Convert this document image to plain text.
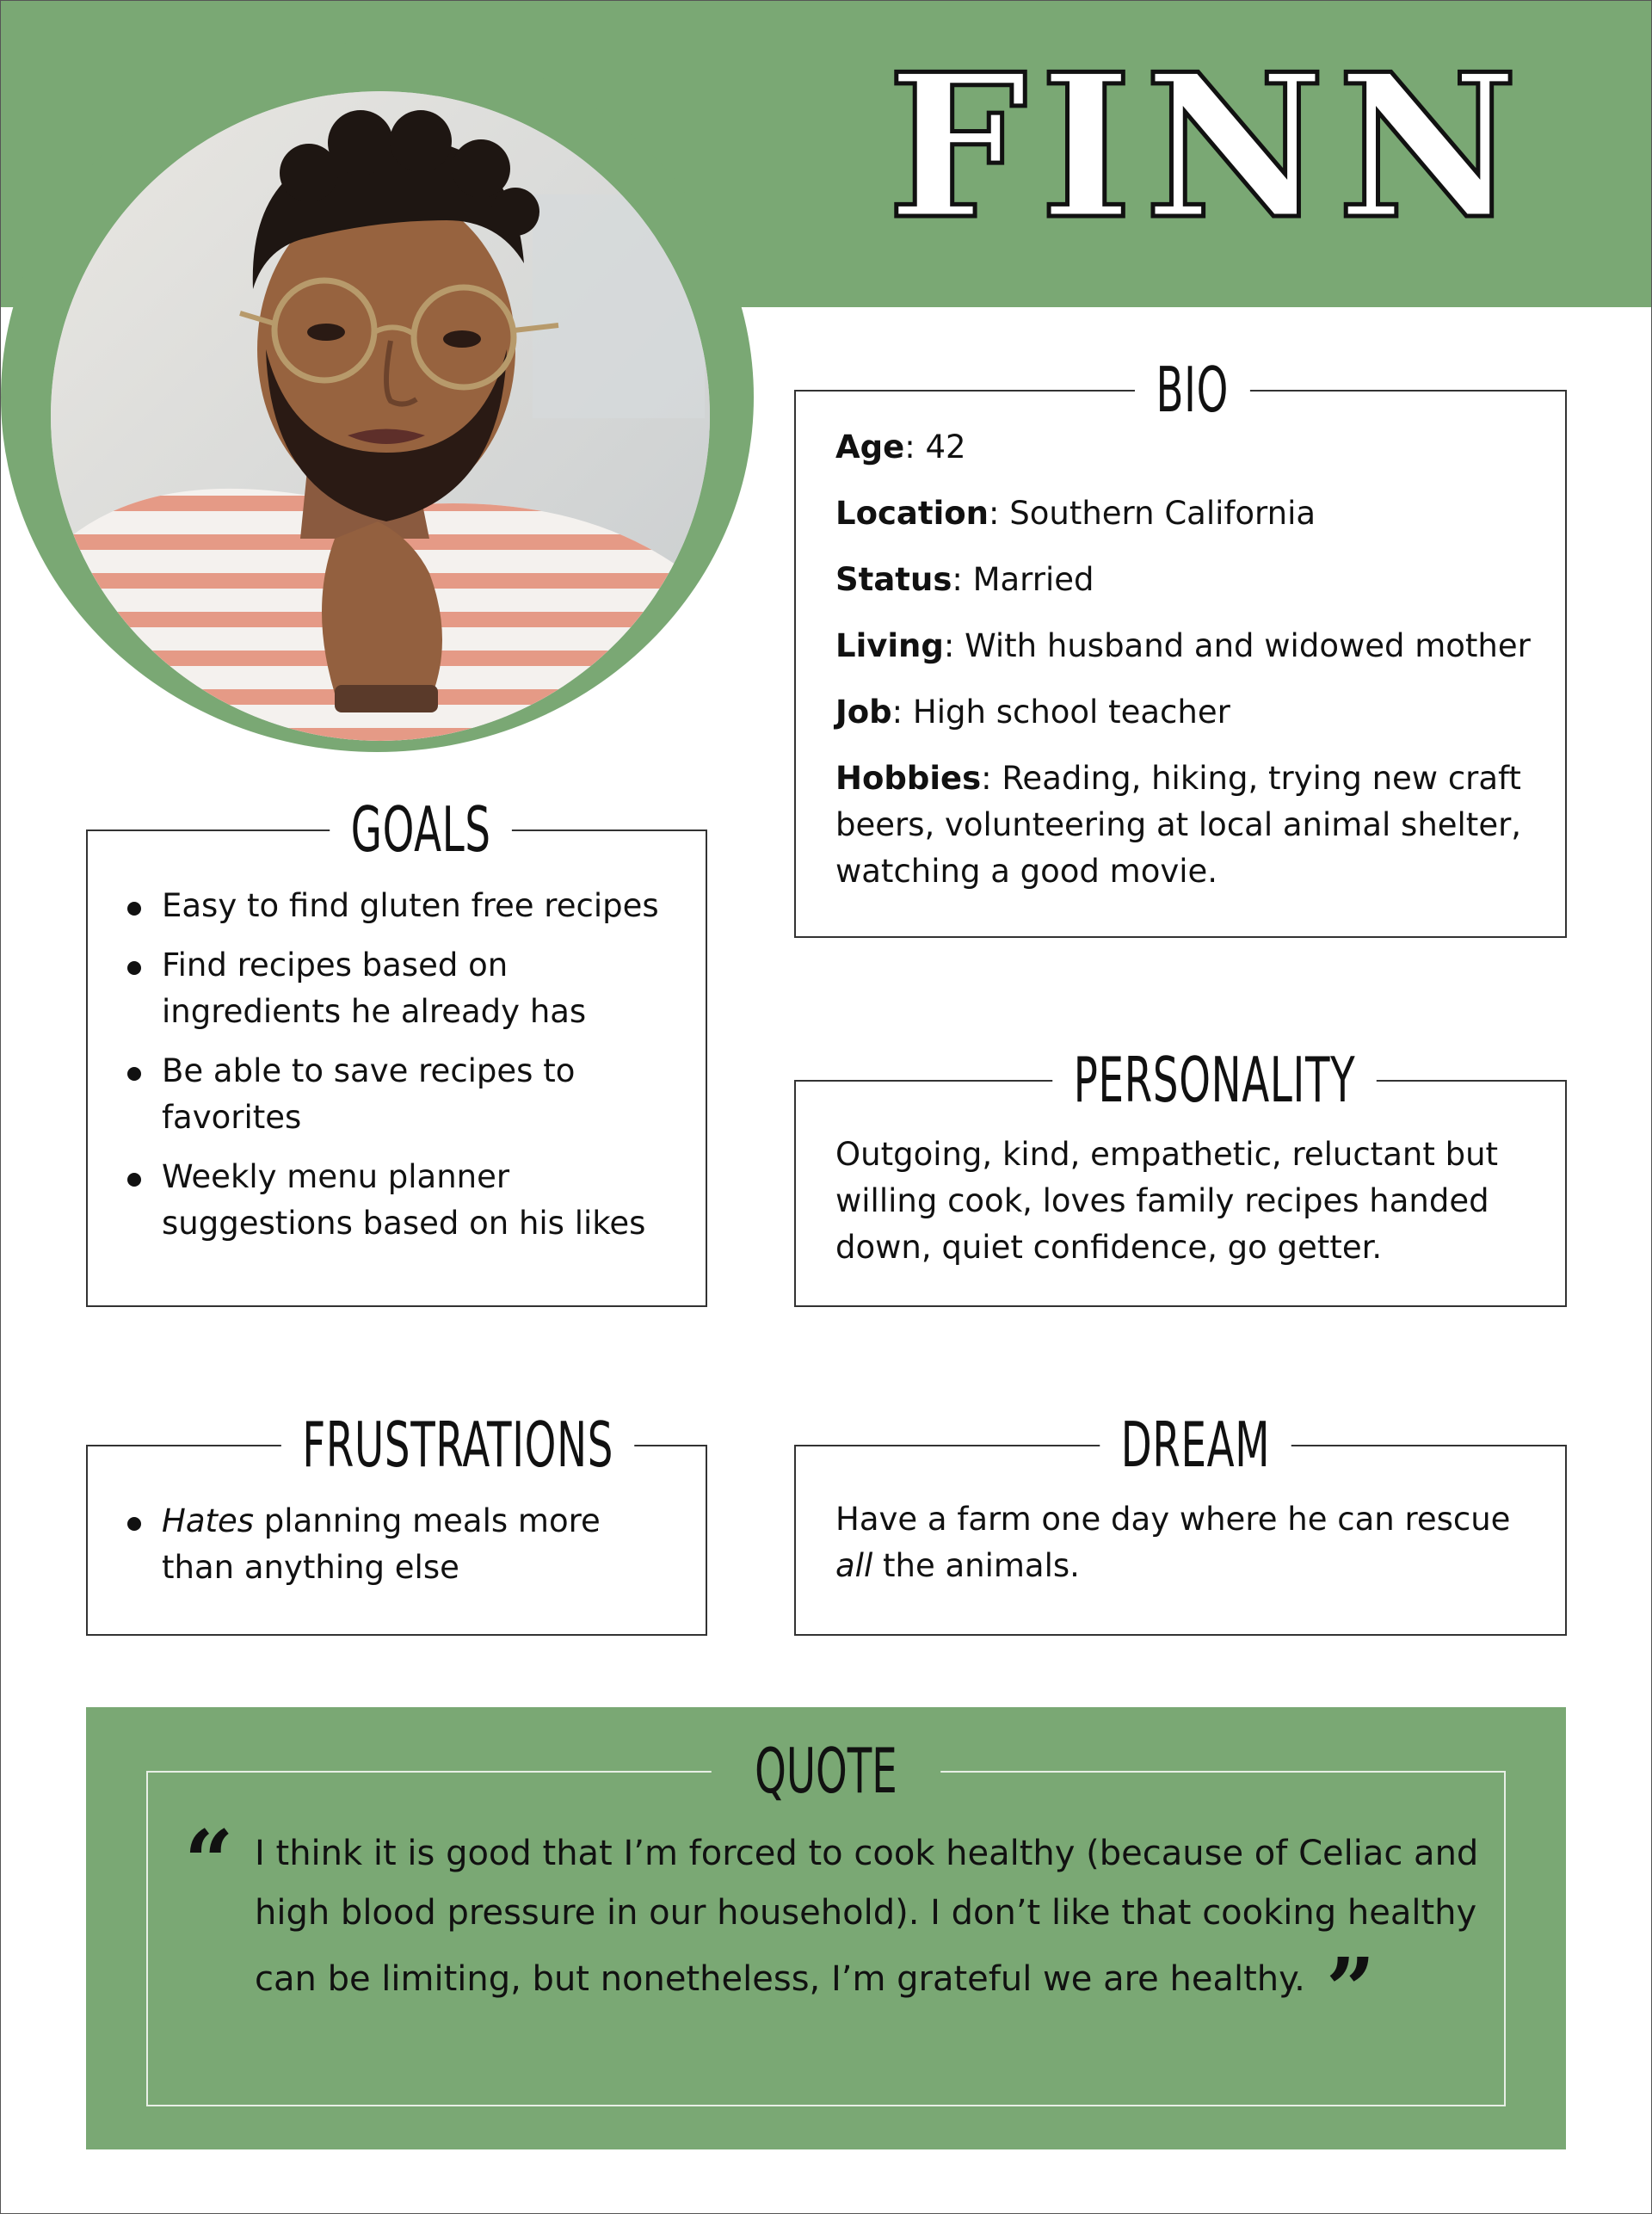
FINN
BIO
Age: 42
Location: Southern California
Status: Married
Living: With husband and widowed mother
Job: High school teacher
Hobbies: Reading, hiking, trying new craft beers, volunteering at local animal shelter, watching a good movie.
GOALS
Easy to find gluten free recipes
Find recipes based on ingredients he already has
Be able to save recipes to favorites
Weekly menu planner suggestions based on his likes
PERSONALITY
Outgoing, kind, empathetic, reluctant but willing cook, loves family recipes handed down, quiet confidence, go getter.
FRUSTRATIONS
Hates planning meals more than anything else
DREAM
Have a farm one day where he can rescue all the animals.
QUOTE
“ I think it is good that I’m forced to cook healthy (because of Celiac and high blood pressure in our household). I don’t like that cooking healthy can be limiting, but nonetheless, I’m grateful we are healthy. ”
